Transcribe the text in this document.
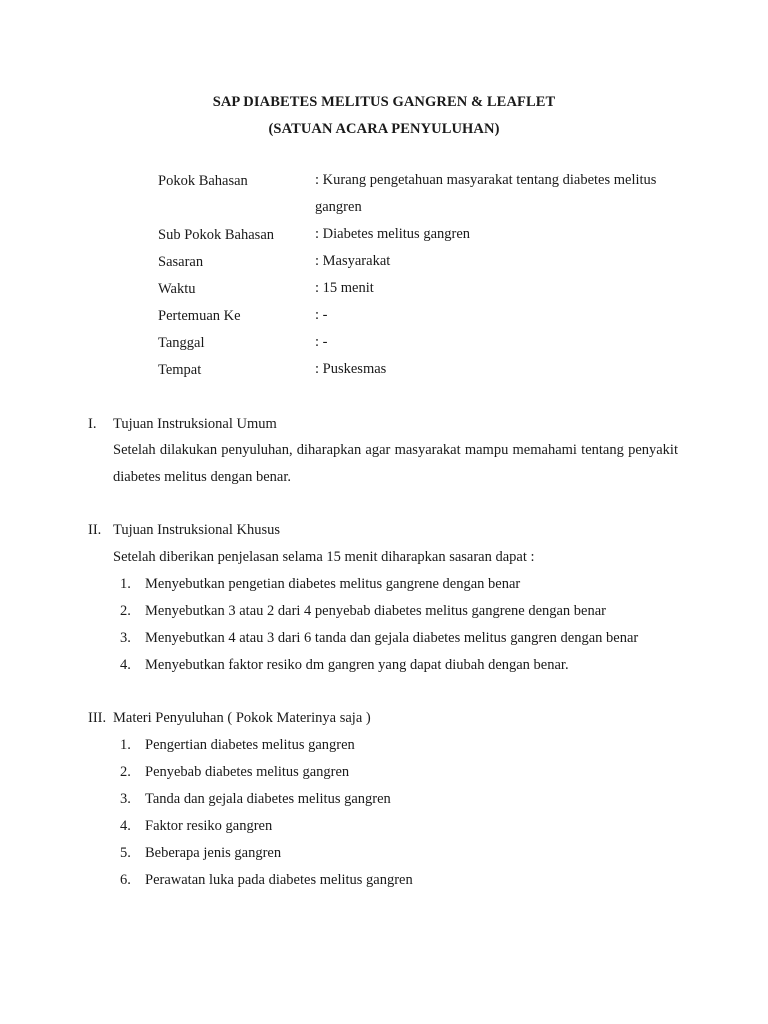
SAP DIABETES MELITUS GANGREN & LEAFLET
(SATUAN ACARA PENYULUHAN)
Pokok Bahasan	: Kurang pengetahuan masyarakat tentang diabetes melitus gangren
Sub Pokok Bahasan	: Diabetes melitus gangren
Sasaran	: Masyarakat
Waktu	: 15 menit
Pertemuan Ke	: -
Tanggal	: -
Tempat	: Puskesmas
I. Tujuan Instruksional Umum
Setelah dilakukan penyuluhan, diharapkan agar masyarakat mampu memahami tentang penyakit diabetes melitus dengan benar.
II. Tujuan Instruksional Khusus
Setelah diberikan penjelasan selama 15 menit diharapkan sasaran dapat :
1. Menyebutkan pengetian diabetes melitus gangrene dengan benar
2. Menyebutkan 3 atau 2 dari 4 penyebab diabetes melitus gangrene dengan benar
3. Menyebutkan 4 atau 3 dari 6 tanda dan gejala diabetes melitus gangren dengan benar
4. Menyebutkan faktor resiko dm gangren yang dapat diubah dengan benar.
III. Materi Penyuluhan ( Pokok Materinya saja )
1. Pengertian diabetes melitus gangren
2. Penyebab diabetes melitus gangren
3. Tanda dan gejala diabetes melitus gangren
4. Faktor resiko gangren
5. Beberapa jenis gangren
6. Perawatan luka pada diabetes melitus gangren
